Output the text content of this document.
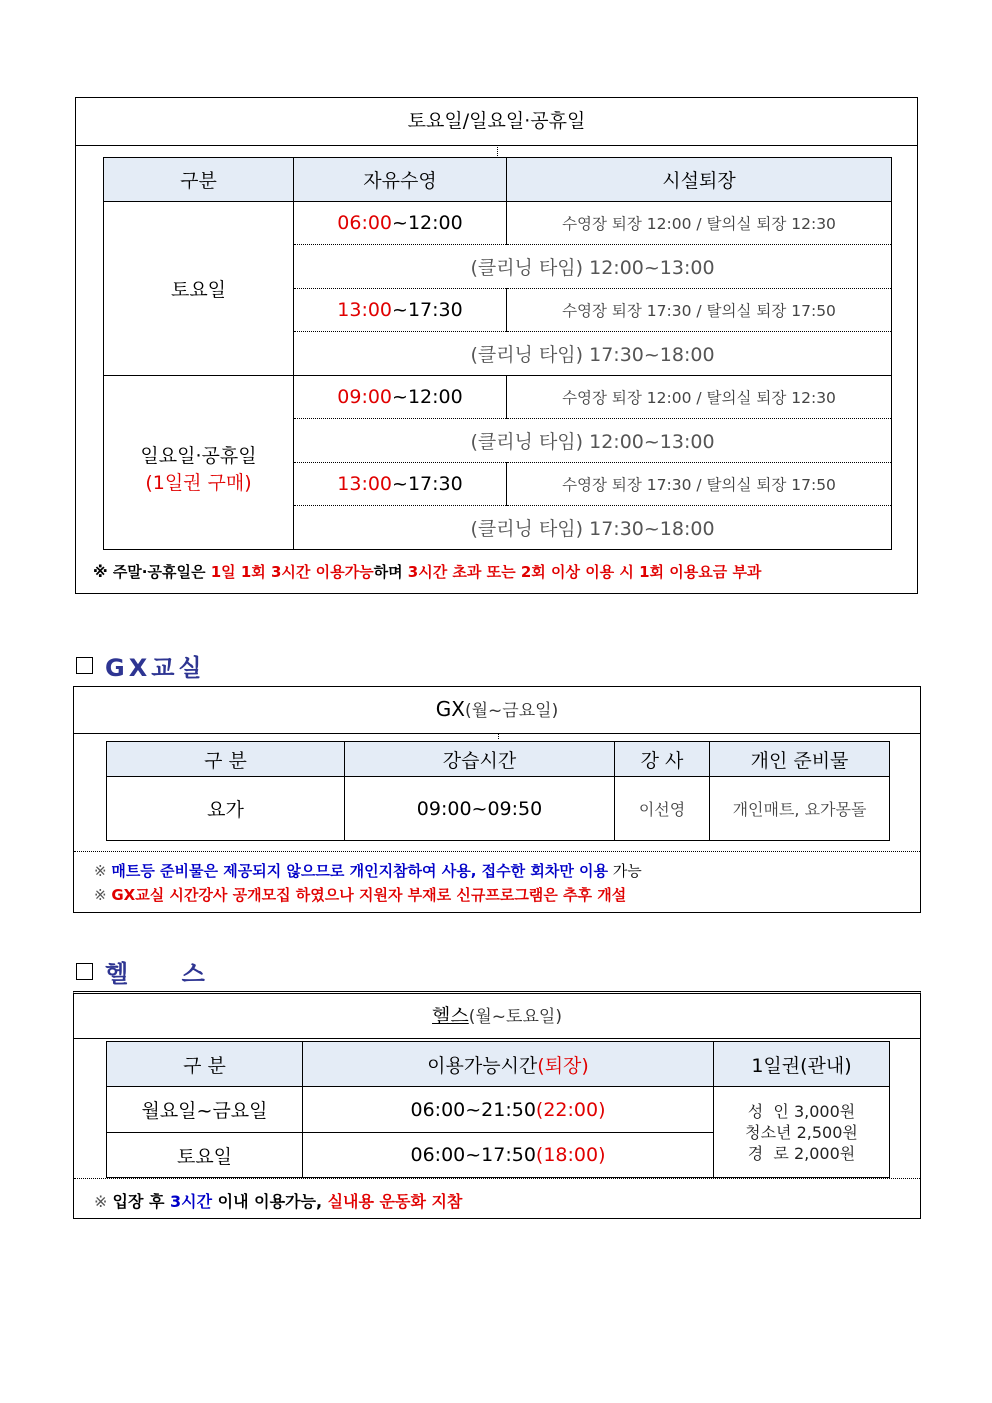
토요일/일요일·공휴일
구분	자유수영	시설퇴장

토요일	06:00~12:00	수영장 퇴장 12:00 / 탈의실 퇴장 12:30
	(클리닝 타임) 12:00~13:00	
	13:00~17:30	수영장 퇴장 17:30 / 탈의실 퇴장 17:50
	(클리닝 타임) 17:30~18:00	

일요일·공휴일
(1일권 구매)	09:00~12:00	수영장 퇴장 12:00 / 탈의실 퇴장 12:30
	(클리닝 타임) 12:00~13:00	
	13:00~17:30	수영장 퇴장 17:30 / 탈의실 퇴장 17:50
	(클리닝 타임) 17:30~18:00	
※ 주말·공휴일은 1일 1회 3시간 이용가능하며 3시간 초과 또는 2회 이상 이용 시 1회 이용요금 부과
GX교실
GX(월~금요일)
구 분	강습시간	강 사	개인 준비물
요가	09:00~09:50	이선영	개인매트, 요가몽돌
※ 매트등 준비물은 제공되지 않으므로 개인지참하여 사용, 접수한 회차만 이용 가능
※ GX교실 시간강사 공개모집 하였으나 지원자 부재로 신규프로그램은 추후 개설
헬    스
헬스(월~토요일)
구 분	이용가능시간(퇴장)	1일권(관내)
월요일~금요일	06:00~21:50(22:00)	성  인 3,000원
청소년 2,500원
경  로 2,000원

토요일	06:00~17:50(18:00)	
※ 입장 후 3시간 이내 이용가능, 실내용 운동화 지참
